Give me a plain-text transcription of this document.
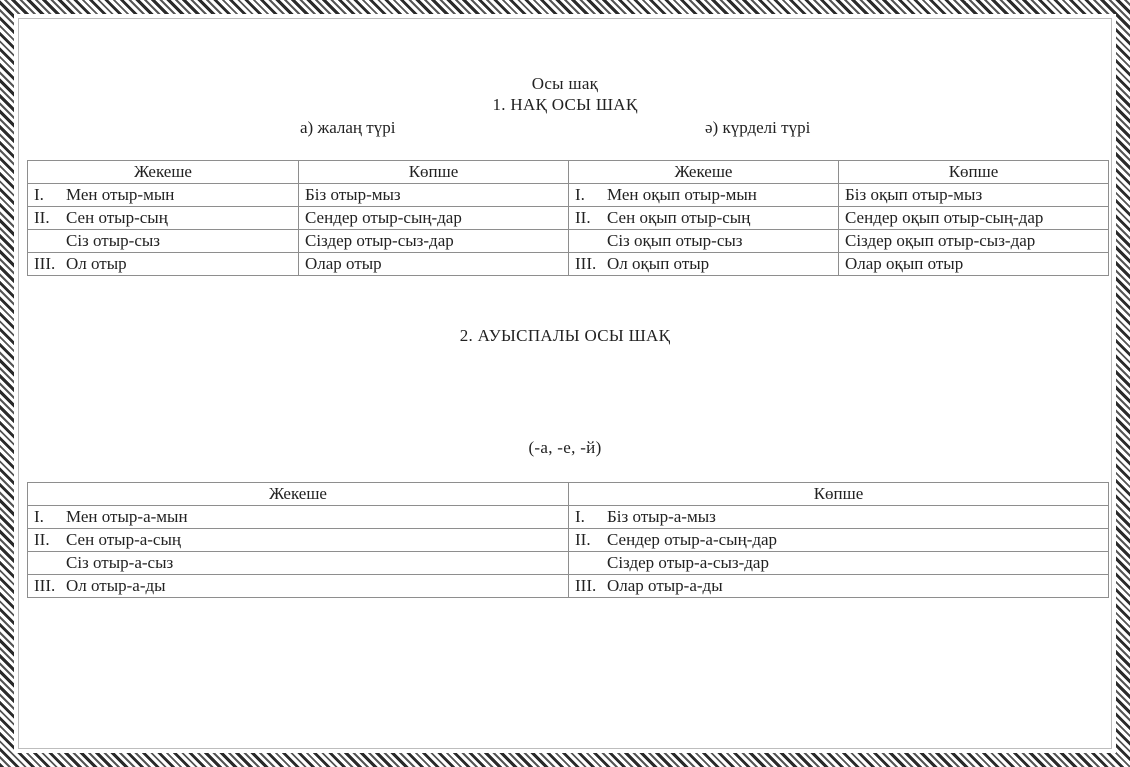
Осы шақ
1. НАҚ ОСЫ ШАҚ
а) жалаң түрі	ә) күрделі түрі
Жекеше	Көпше	Жекеше	Көпше
I. Мен отыр-мын	Біз отыр-мыз	I. Мен оқып отыр-мын	Біз оқып отыр-мыз
II. Сен отыр-сың	Сендер отыр-сың-дар	II. Сен оқып отыр-сың	Сендер оқып отыр-сың-дар
Сіз отыр-сыз	Сіздер отыр-сыз-дар	Сіз оқып отыр-сыз	Сіздер оқып отыр-сыз-дар
III. Ол отыр	Олар отыр	III. Ол оқып отыр	Олар оқып отыр
2. АУЫСПАЛЫ ОСЫ ШАҚ
(-а, -е, -й)
Жекеше	Көпше
I. Мен отыр-а-мын	I. Біз отыр-а-мыз
II. Сен отыр-а-сың	II. Сендер отыр-а-сың-дар
Сіз отыр-а-сыз	Сіздер отыр-а-сыз-дар
III. Ол отыр-а-ды	III. Олар отыр-а-ды
